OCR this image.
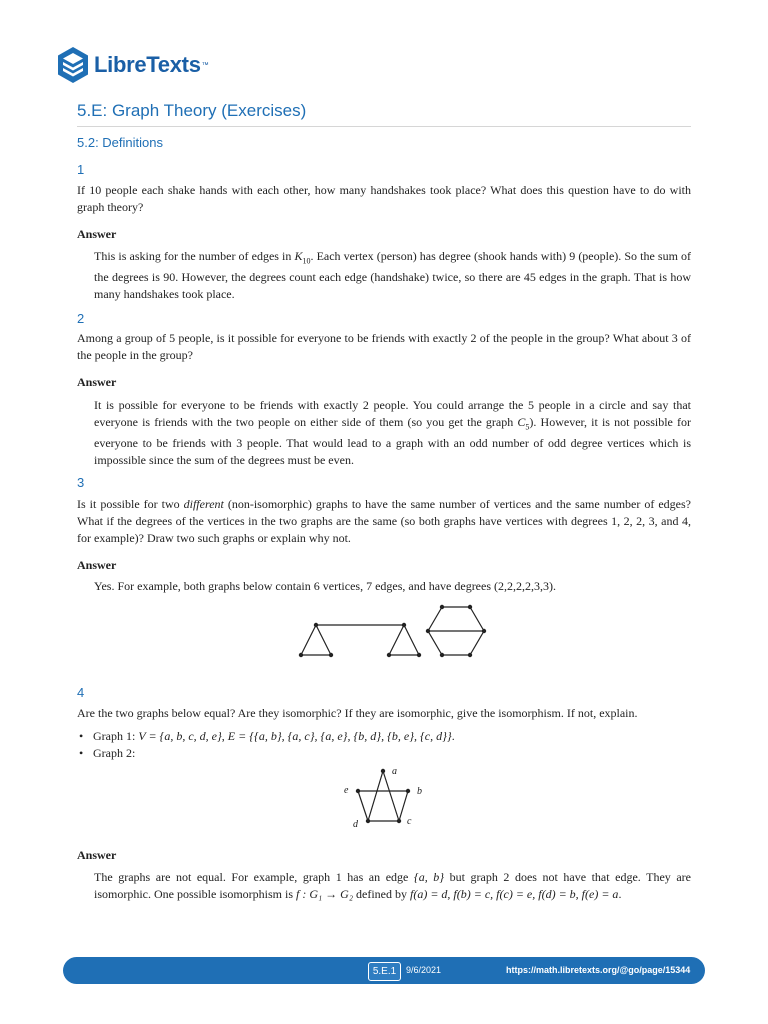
LibreTexts ™
5.E: Graph Theory (Exercises)
5.2: Definitions
1
If 10 people each shake hands with each other, how many handshakes took place? What does this question have to do with graph theory?
Answer
This is asking for the number of edges in $K_{10}$. Each vertex (person) has degree (shook hands with) 9 (people). So the sum of the degrees is 90. However, the degrees count each edge (handshake) twice, so there are 45 edges in the graph. That is how many handshakes took place.
2
Among a group of 5 people, is it possible for everyone to be friends with exactly 2 of the people in the group? What about 3 of the people in the group?
Answer
It is possible for everyone to be friends with exactly 2 people. You could arrange the 5 people in a circle and say that everyone is friends with the two people on either side of them (so you get the graph $C_5$). However, it is not possible for everyone to be friends with 3 people. That would lead to a graph with an odd number of odd degree vertices which is impossible since the sum of the degrees must be even.
3
Is it possible for two different (non-isomorphic) graphs to have the same number of vertices and the same number of edges? What if the degrees of the vertices in the two graphs are the same (so both graphs have vertices with degrees 1, 2, 2, 3, and 4, for example)? Draw two such graphs or explain why not.
Answer
Yes. For example, both graphs below contain 6 vertices, 7 edges, and have degrees (2,2,2,2,3,3).
4
Are the two graphs below equal? Are they isomorphic? If they are isomorphic, give the isomorphism. If not, explain.
• Graph 1: V = {a, b, c, d, e}, E = {{a, b}, {a, c}, {a, e}, {b, d}, {b, e}, {c, d}}.
• Graph 2:
a
e	b
d	c
Answer
The graphs are not equal. For example, graph 1 has an edge {a, b} but graph 2 does not have that edge. They are isomorphic. One possible isomorphism is f : G₁ → G₂ defined by f(a) = d, f(b) = c, f(c) = e, f(d) = b, f(e) = a.
5.E.1	9/6/2021	https://math.libretexts.org/@go/page/15344
